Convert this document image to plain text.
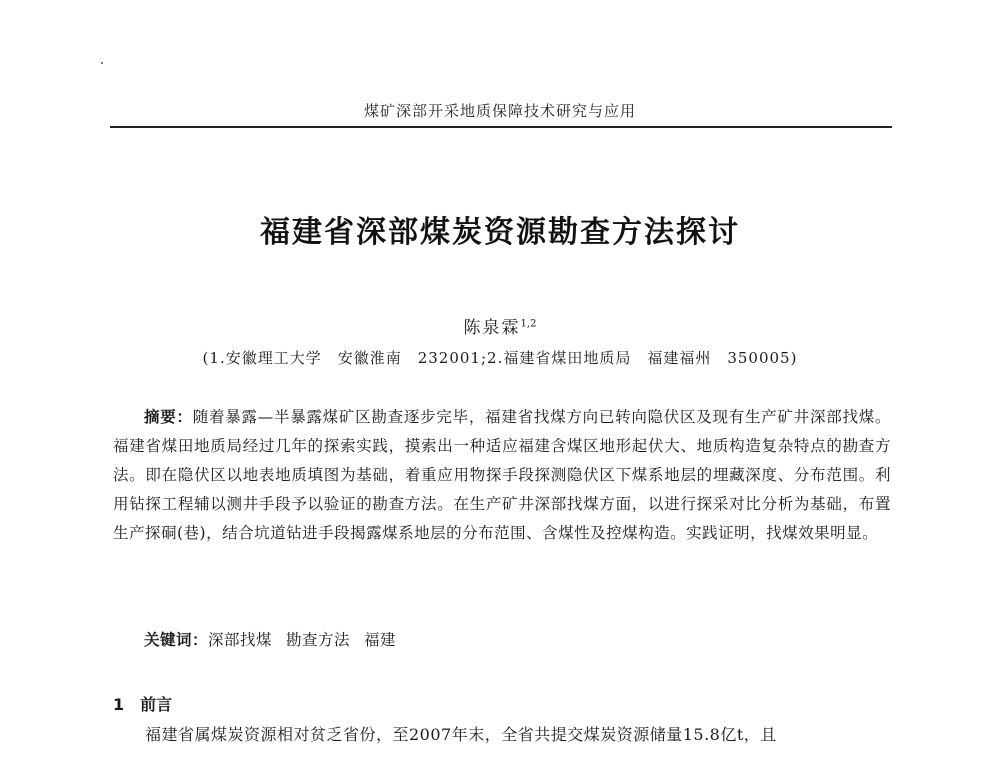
煤矿深部开采地质保障技术研究与应用
福建省深部煤炭资源勘查方法探讨
陈泉霖$^{1,2}$
(1.安徽理工大学　安徽淮南　232001;2.福建省煤田地质局　福建福州　350005)
摘要：随着暴露—半暴露煤矿区勘查逐步完毕，福建省找煤方向已转向隐伏区及现有生产矿井深部找煤。福建省煤田地质局经过几年的探索实践，摸索出一种适应福建含煤区地形起伏大、地质构造复杂特点的勘查方法。即在隐伏区以地表地质填图为基础，着重应用物探手段探测隐伏区下煤系地层的埋藏深度、分布范围。利用钻探工程辅以测井手段予以验证的勘查方法。在生产矿井深部找煤方面，以进行探采对比分析为基础，布置生产探硐(巷)，结合坑道钻进手段揭露煤系地层的分布范围、含煤性及控煤构造。实践证明，找煤效果明显。
关键词：深部找煤 勘查方法 福建
1 前言
福建省属煤炭资源相对贫乏省份，至2007年末，全省共提交煤炭资源储量15.8亿t，且
